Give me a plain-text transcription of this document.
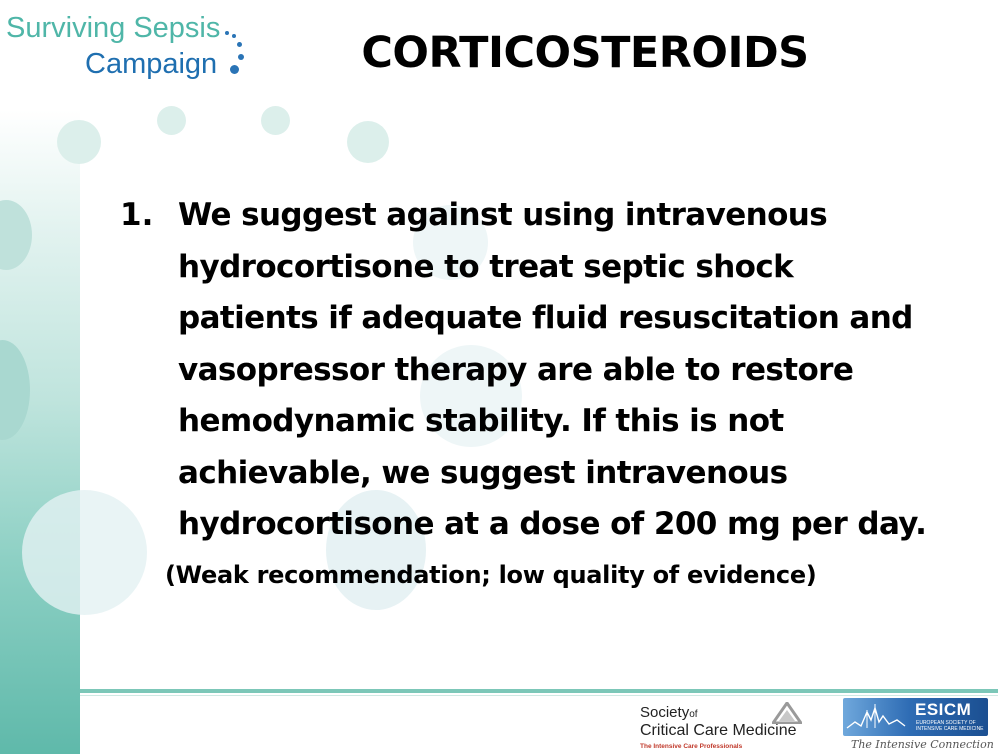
Surviving Sepsis
Campaign	CORTICOSTEROIDS
1. We suggest against using intravenous
hydrocortisone to treat septic shock
patients if adequate fluid resuscitation and
vasopressor therapy are able to restore
hemodynamic stability. If this is not
achievable, we suggest intravenous
hydrocortisone at a dose of 200 mg per day.
(Weak recommendation; low quality of evidence)
Societyof
Critical Care Medicine
The Intensive Care Professionals
ESICM
EUROPEAN SOCIETY OF INTENSIVE CARE MEDICINE
The Intensive Connection
